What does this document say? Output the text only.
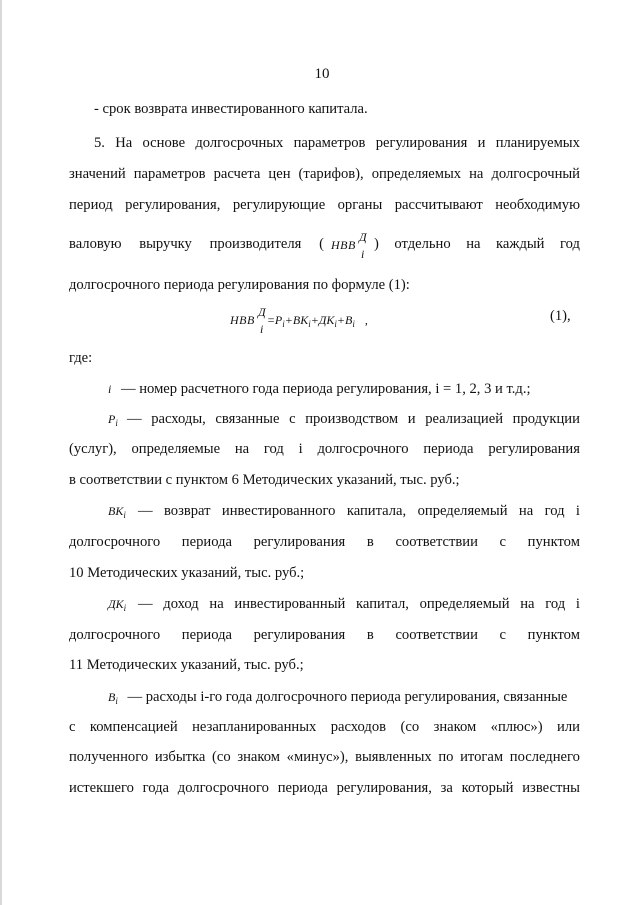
10
- срок возврата инвестированного капитала.
5. На основе долгосрочных параметров регулирования и планируемых
значений параметров расчета цен (тарифов), определяемых на долгосрочный
период регулирования, регулирующие органы рассчитывают необходимую
валовую выручку производителя ( НВВ
Д
i
) отдельно на каждый год
долгосрочного периода регулирования по формуле (1):
НВВ
Д
i
$=P_i+ВК_i+ДК_i+В_i$ ,	(1),
где:
i — номер расчетного года периода регулирования, i = 1, 2, 3 и т.д.;
$P_i$ — расходы, связанные с производством и реализацией продукции
(услуг), определяемые на год i долгосрочного периода регулирования
в соответствии с пунктом 6 Методических указаний, тыс. руб.;
$ВК_i$ — возврат инвестированного капитала, определяемый на год i
долгосрочного периода регулирования в соответствии с пунктом
10 Методических указаний, тыс. руб.;
$ДК_i$ — доход на инвестированный капитал, определяемый на год i
долгосрочного периода регулирования в соответствии с пунктом
11 Методических указаний, тыс. руб.;
$В_i$ — расходы i-го года долгосрочного периода регулирования, связанные
с компенсацией незапланированных расходов (со знаком «плюс») или
полученного избытка (со знаком «минус»), выявленных по итогам последнего
истекшего года долгосрочного периода регулирования, за который известны
